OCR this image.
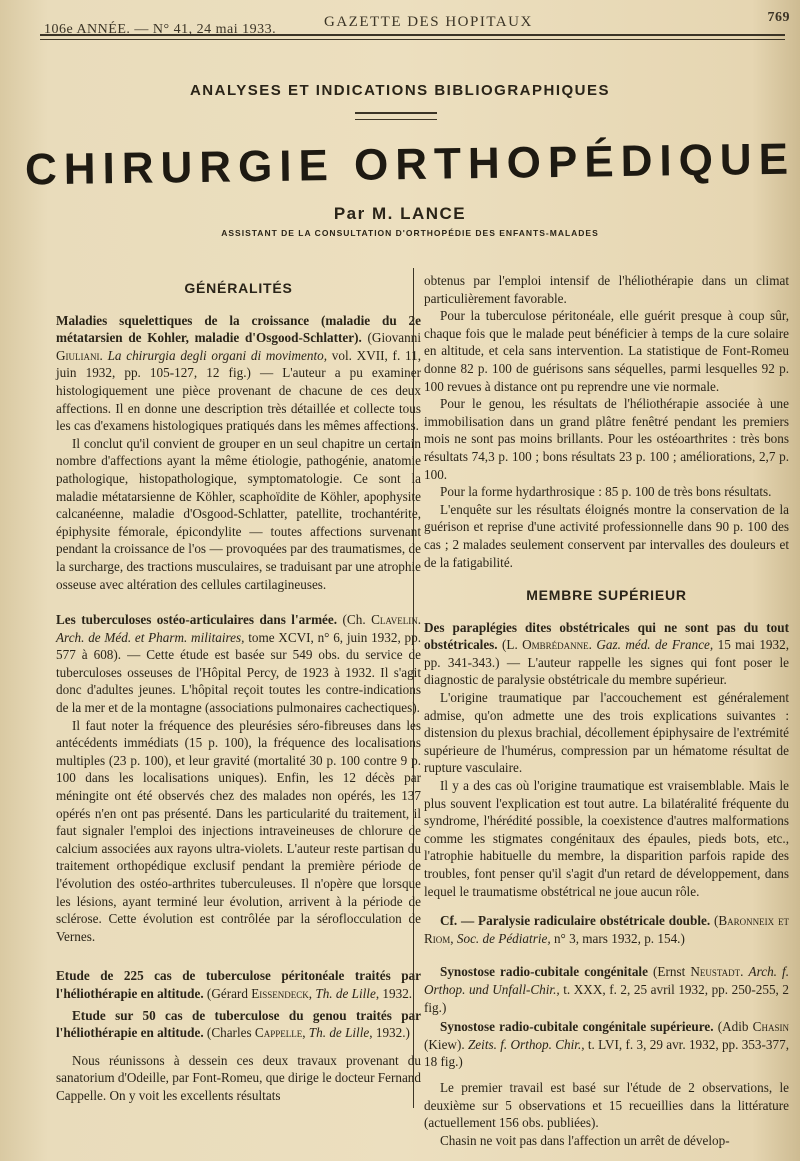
106e ANNÉE. — N° 41, 24 mai 1933.	GAZETTE DES HOPITAUX	769
ANALYSES ET INDICATIONS BIBLIOGRAPHIQUES
CHIRURGIE ORTHOPÉDIQUE
Par M. LANCE
ASSISTANT DE LA CONSULTATION D'ORTHOPÉDIE DES ENFANTS-MALADES
GÉNÉRALITÉS

Maladies squelettiques de la croissance (maladie du 2e métatarsien de Kohler, maladie d'Osgood-Schlatter). (Giovanni Giuliani. La chirurgia degli organi di movimento, vol. XVII, f. 11, juin 1932, pp. 105-127, 12 fig.) — L'auteur a pu examiner histologiquement une pièce provenant de chacune de ces deux affections. Il en donne une description très détaillée et collecte tous les cas d'examens histologiques pratiqués dans les mêmes affections.

Il conclut qu'il convient de grouper en un seul chapitre un certain nombre d'affections ayant la même étiologie, pathogénie, anatomie pathologique, histopathologique, symptomatologie. Ce sont la maladie métatarsienne de Köhler, scaphoïdite de Köhler, apophysite calcanéenne, maladie d'Osgood-Schlatter, patellite, trochantérite, épiphysite fémorale, épicondylite — toutes affections survenant pendant la croissance de l'os — provoquées par des traumatismes, de la surcharge, des tractions musculaires, se traduisant par une atrophie osseuse avec altération des cellules cartilagineuses.

Les tuberculoses ostéo-articulaires dans l'armée. (Ch. Clavelin. Arch. de Méd. et Pharm. militaires, tome XCVI, n° 6, juin 1932, pp. 577 à 608). — Cette étude est basée sur 549 obs. du service de tuberculoses osseuses de l'Hôpital Percy, de 1923 à 1932. Il s'agit donc d'adultes jeunes. L'hôpital reçoit toutes les contre-indications de la mer et de la montagne (associations pulmonaires cachectiques).

Il faut noter la fréquence des pleurésies séro-fibreuses dans les antécédents immédiats (15 p. 100), la fréquence des localisations multiples (23 p. 100), et leur gravité (mortalité 30 p. 100 contre 9 p. 100 dans les localisations uniques). Enfin, les 12 décès par méningite ont été observés chez des malades non opérés, les 137 opérés n'en ont pas présenté. Dans les particularité du traitement, il faut signaler l'emploi des injections intraveineuses de chlorure de calcium associées aux rayons ultra-violets. L'auteur reste partisan du traitement orthopédique exclusif pendant la première période de l'évolution des ostéo-arthrites tuberculeuses. Il n'opère que lorsque les lésions, ayant terminé leur évolution, arrivent à la période de sclérose. Cette évolution est contrôlée par la séroflocculation de Vernes.

Etude de 225 cas de tuberculose péritonéale traités par l'héliothérapie en altitude. (Gérard Eissendeck, Th. de Lille, 1932.

Etude sur 50 cas de tuberculose du genou traités par l'héliothérapie en altitude. (Charles Cappelle, Th. de Lille, 1932.)

Nous réunissons à dessein ces deux travaux provenant du sanatorium d'Odeille, par Font-Romeu, que dirige le docteur Fernand Cappelle. On y voit les excellents résultats

obtenus par l'emploi intensif de l'héliothérapie dans un climat particulièrement favorable.

Pour la tuberculose péritonéale, elle guérit presque à coup sûr, chaque fois que le malade peut bénéficier à temps de la cure solaire en altitude, et cela sans intervention. La statistique de Font-Romeu donne 82 p. 100 de guérisons sans séquelles, parmi lesquelles 92 p. 100 revues à distance ont pu reprendre une vie normale.

Pour le genou, les résultats de l'héliothérapie associée à une immobilisation dans un grand plâtre fenêtré pendant les premiers mois ne sont pas moins brillants. Pour les ostéoarthrites : très bons résultats 74,3 p. 100 ; bons résultats 23 p. 100 ; améliorations, 2,7 p. 100.

Pour la forme hydarthrosique : 85 p. 100 de très bons résultats.

L'enquête sur les résultats éloignés montre la conservation de la guérison et reprise d'une activité professionnelle dans 90 p. 100 des cas ; 2 malades seulement conservent par intervalles des douleurs et de la fatigabilité.

MEMBRE SUPÉRIEUR

Des paraplégies dites obstétricales qui ne sont pas du tout obstétricales. (L. Ombrédanne. Gaz. méd. de France, 15 mai 1932, pp. 341-343.) — L'auteur rappelle les signes qui font poser le diagnostic de paralysie obstétricale du membre supérieur.

L'origine traumatique par l'accouchement est généralement admise, qu'on admette une des trois explications suivantes : distension du plexus brachial, décollement épiphysaire de l'extrémité supérieure de l'humérus, compression par un hématome résultat de rupture vasculaire.

Il y a des cas où l'origine traumatique est vraisemblable. Mais le plus souvent l'explication est tout autre. La bilatéralité fréquente du syndrome, l'hérédité possible, la coexistence d'autres malformations comme les stigmates congénitaux des épaules, pieds bots, etc., l'atrophie habituelle du membre, la disparition parfois rapide des troubles, font penser qu'il s'agit d'un retard de développement, dans lequel le traumatisme obstétrical ne joue aucun rôle.

Cf. — Paralysie radiculaire obstétricale double. (Baronneix et Riom, Soc. de Pédiatrie, n° 3, mars 1932, p. 154.)

Synostose radio-cubitale congénitale (Ernst Neustadt. Arch. f. Orthop. und Unfall-Chir., t. XXX, f. 2, 25 avril 1932, pp. 250-255, 2 fig.)

Synostose radio-cubitale congénitale supérieure. (Adib Chasin (Kiew). Zeits. f. Orthop. Chir., t. LVI, f. 3, 29 avr. 1932, pp. 353-377, 18 fig.)

Le premier travail est basé sur l'étude de 2 observations, le deuxième sur 5 observations et 15 recueillies dans la littérature (actuellement 156 obs. publiées).

Chasin ne voit pas dans l'affection un arrêt de dévelop-
